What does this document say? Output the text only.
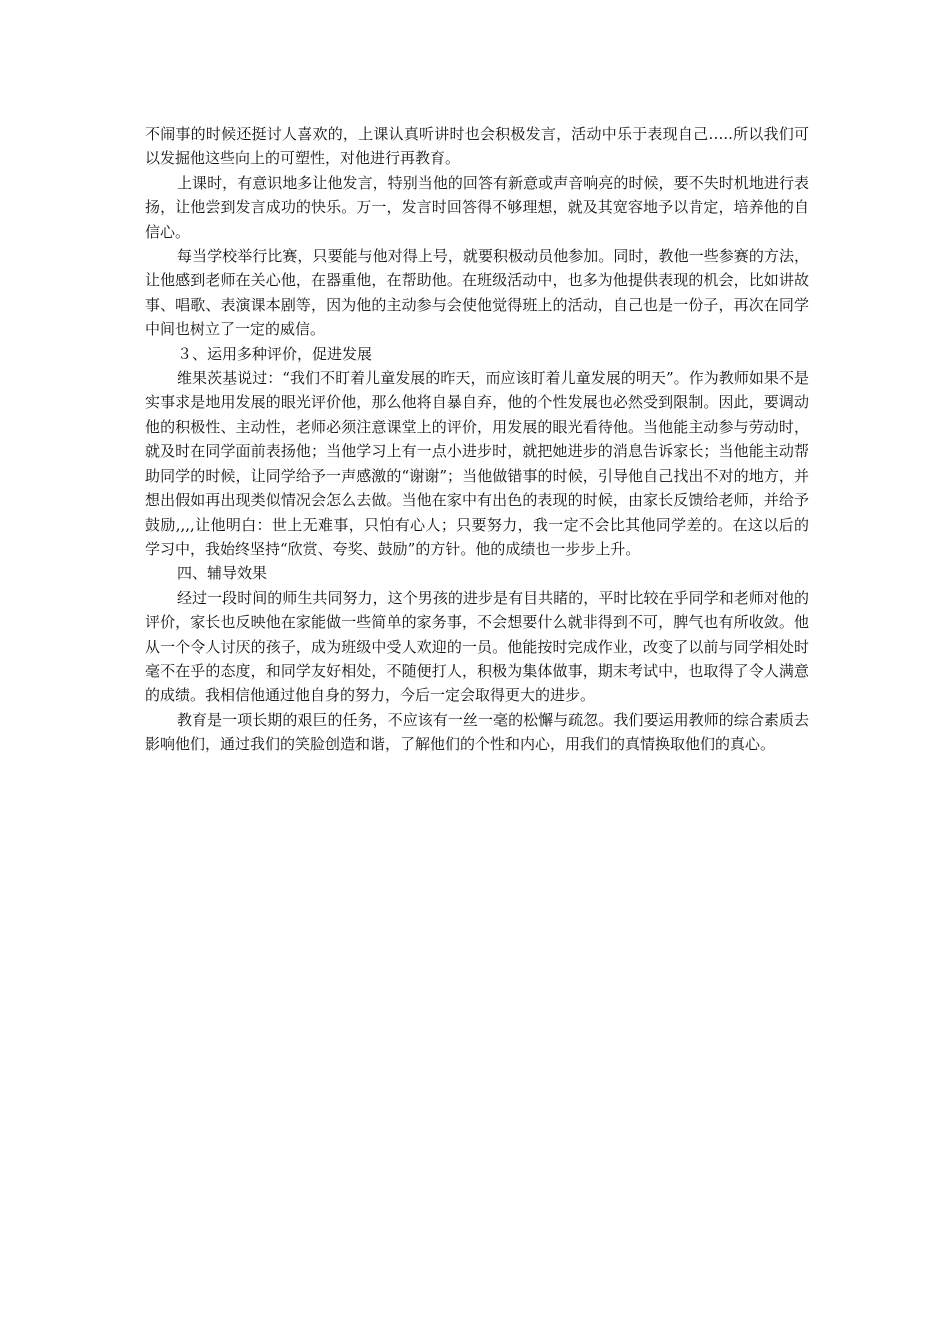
不闹事的时候还挺讨人喜欢的，上课认真听讲时也会积极发言，活动中乐于表现自己…..所以我们可以发掘他这些向上的可塑性，对他进行再教育。

上课时，有意识地多让他发言，特别当他的回答有新意或声音响亮的时候，要不失时机地进行表扬，让他尝到发言成功的快乐。万一，发言时回答得不够理想，就及其宽容地予以肯定，培养他的自信心。

每当学校举行比赛，只要能与他对得上号，就要积极动员他参加。同时，教他一些参赛的方法，让他感到老师在关心他，在器重他，在帮助他。在班级活动中，也多为他提供表现的机会，比如讲故事、唱歌、表演课本剧等，因为他的主动参与会使他觉得班上的活动，自己也是一份子，再次在同学中间也树立了一定的威信。

３、运用多种评价，促进发展

维果茨基说过：“我们不盯着儿童发展的昨天，而应该盯着儿童发展的明天”。作为教师如果不是实事求是地用发展的眼光评价他，那么他将自暴自弃，他的个性发展也必然受到限制。因此，要调动他的积极性、主动性，老师必须注意课堂上的评价，用发展的眼光看待他。当他能主动参与劳动时，就及时在同学面前表扬他；当他学习上有一点小进步时，就把她进步的消息告诉家长；当他能主动帮助同学的时候，让同学给予一声感激的“谢谢”；当他做错事的时候，引导他自己找出不对的地方，并想出假如再出现类似情况会怎么去做。当他在家中有出色的表现的时候，由家长反馈给老师，并给予鼓励,,,,让他明白：世上无难事，只怕有心人；只要努力，我一定不会比其他同学差的。在这以后的学习中，我始终坚持“欣赏、夸奖、鼓励”的方针。他的成绩也一步步上升。

四、辅导效果

经过一段时间的师生共同努力，这个男孩的进步是有目共睹的，平时比较在乎同学和老师对他的评价，家长也反映他在家能做一些简单的家务事，不会想要什么就非得到不可，脾气也有所收敛。他从一个令人讨厌的孩子，成为班级中受人欢迎的一员。他能按时完成作业，改变了以前与同学相处时毫不在乎的态度，和同学友好相处，不随便打人，积极为集体做事，期末考试中，也取得了令人满意的成绩。我相信他通过他自身的努力，今后一定会取得更大的进步。

教育是一项长期的艰巨的任务，不应该有一丝一毫的松懈与疏忽。我们要运用教师的综合素质去影响他们，通过我们的笑脸创造和谐，了解他们的个性和内心，用我们的真情换取他们的真心。
